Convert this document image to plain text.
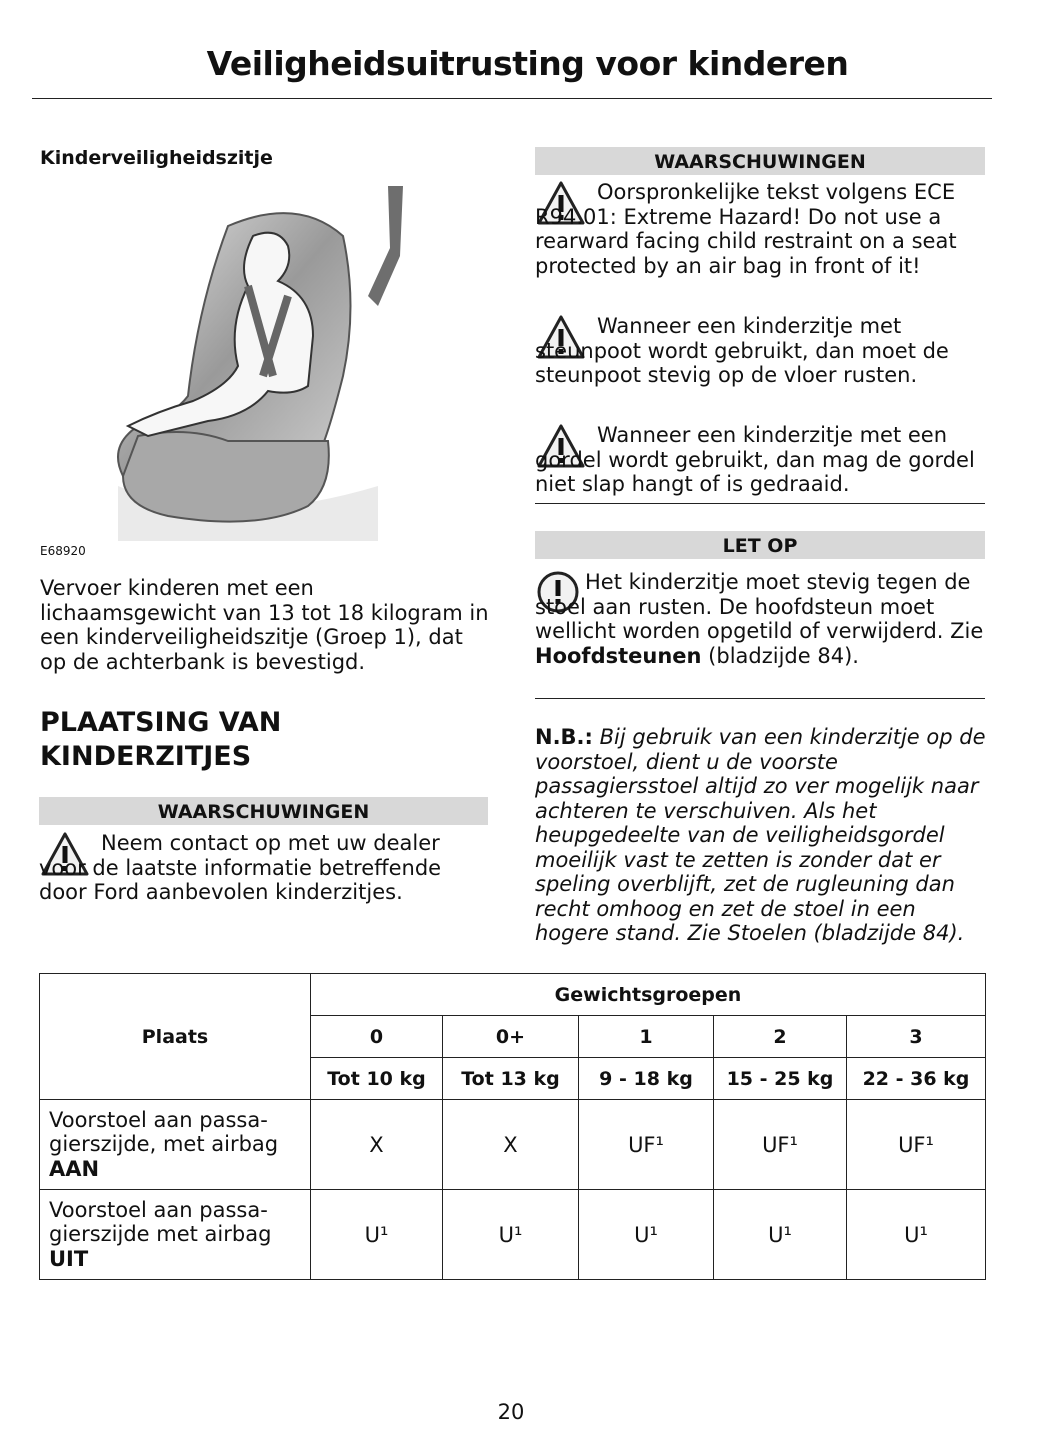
Veiligheidsuitrusting voor kinderen
Kinderveiligheidszitje
E68920

Vervoer kinderen met een lichaamsgewicht van 13 tot 18 kilogram in een kinderveiligheidszitje (Groep 1), dat op de achterbank is bevestigd.

PLAATSING VAN KINDERZITJES
WAARSCHUWINGEN

Neem contact op met uw dealer voor de laatste informatie betreffende door Ford aanbevolen kinderzitjes.

WAARSCHUWINGEN

Oorspronkelijke tekst volgens ECE R94.01: Extreme Hazard! Do not use a rearward facing child restraint on a seat protected by an air bag in front of it!

Wanneer een kinderzitje met steunpoot wordt gebruikt, dan moet de steunpoot stevig op de vloer rusten.

Wanneer een kinderzitje met een gordel wordt gebruikt, dan mag de gordel niet slap hangt of is gedraaid.

LET OP

Het kinderzitje moet stevig tegen de stoel aan rusten. De hoofdsteun moet wellicht worden opgetild of verwijderd. Zie Hoofdsteunen (bladzijde 84).

N.B.: Bij gebruik van een kinderzitje op de voorstoel, dient u de voorste passagiersstoel altijd zo ver mogelijk naar achteren te verschuiven. Als het heupgedeelte van de veiligheidsgordel moeilijk vast te zetten is zonder dat er speling overblijft, zet de rugleuning dan recht omhoog en zet de stoel in een hogere stand. Zie Stoelen (bladzijde 84).

Plaats	Gewichtsgroepen				
	0	0+	1	2	3
	Tot 10 kg	Tot 13 kg	9 - 18 kg	15 - 25 kg	22 - 36 kg
Voorstoel aan passa-gierszijde, met airbag
AAN	X	X	UF¹	UF¹	UF¹
Voorstoel aan passa-gierszijde met airbag
UIT	U¹	U¹	U¹	U¹	U¹
20
